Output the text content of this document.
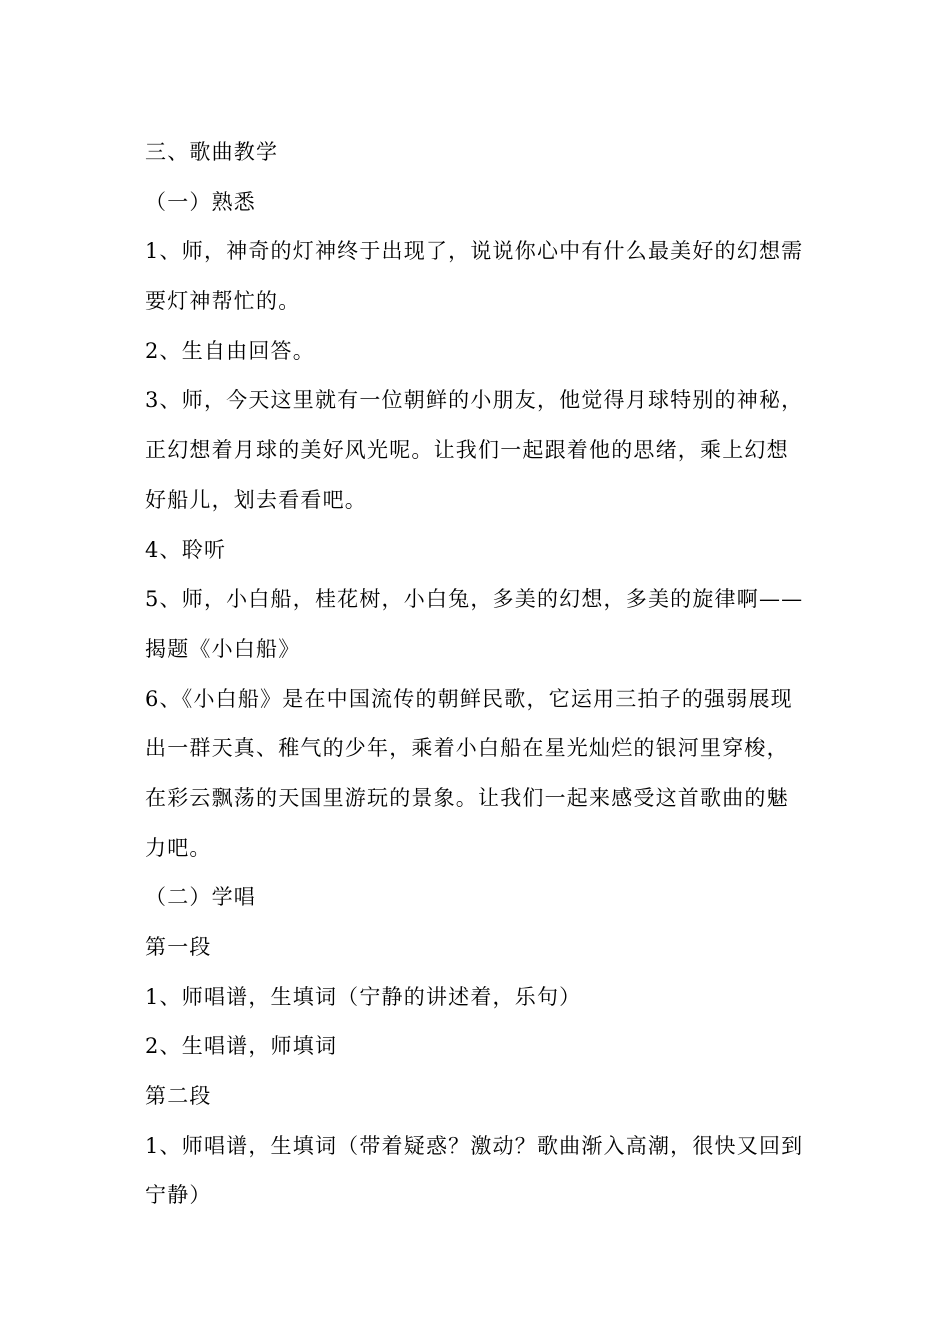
三、歌曲教学
（一）熟悉
1、师，神奇的灯神终于出现了，说说你心中有什么最美好的幻想需
要灯神帮忙的。
2、生自由回答。
3、师，今天这里就有一位朝鲜的小朋友，他觉得月球特别的神秘，
正幻想着月球的美好风光呢。让我们一起跟着他的思绪，乘上幻想
好船儿，划去看看吧。
4、聆听
5、师，小白船，桂花树，小白兔，多美的幻想，多美的旋律啊——
揭题《小白船》
6、《小白船》是在中国流传的朝鲜民歌，它运用三拍子的强弱展现
出一群天真、稚气的少年，乘着小白船在星光灿烂的银河里穿梭，
在彩云飘荡的天国里游玩的景象。让我们一起来感受这首歌曲的魅
力吧。
（二）学唱
第一段
1、师唱谱，生填词（宁静的讲述着，乐句）
2、生唱谱，师填词
第二段
1、师唱谱，生填词（带着疑惑？激动？歌曲渐入高潮，很快又回到
宁静）
